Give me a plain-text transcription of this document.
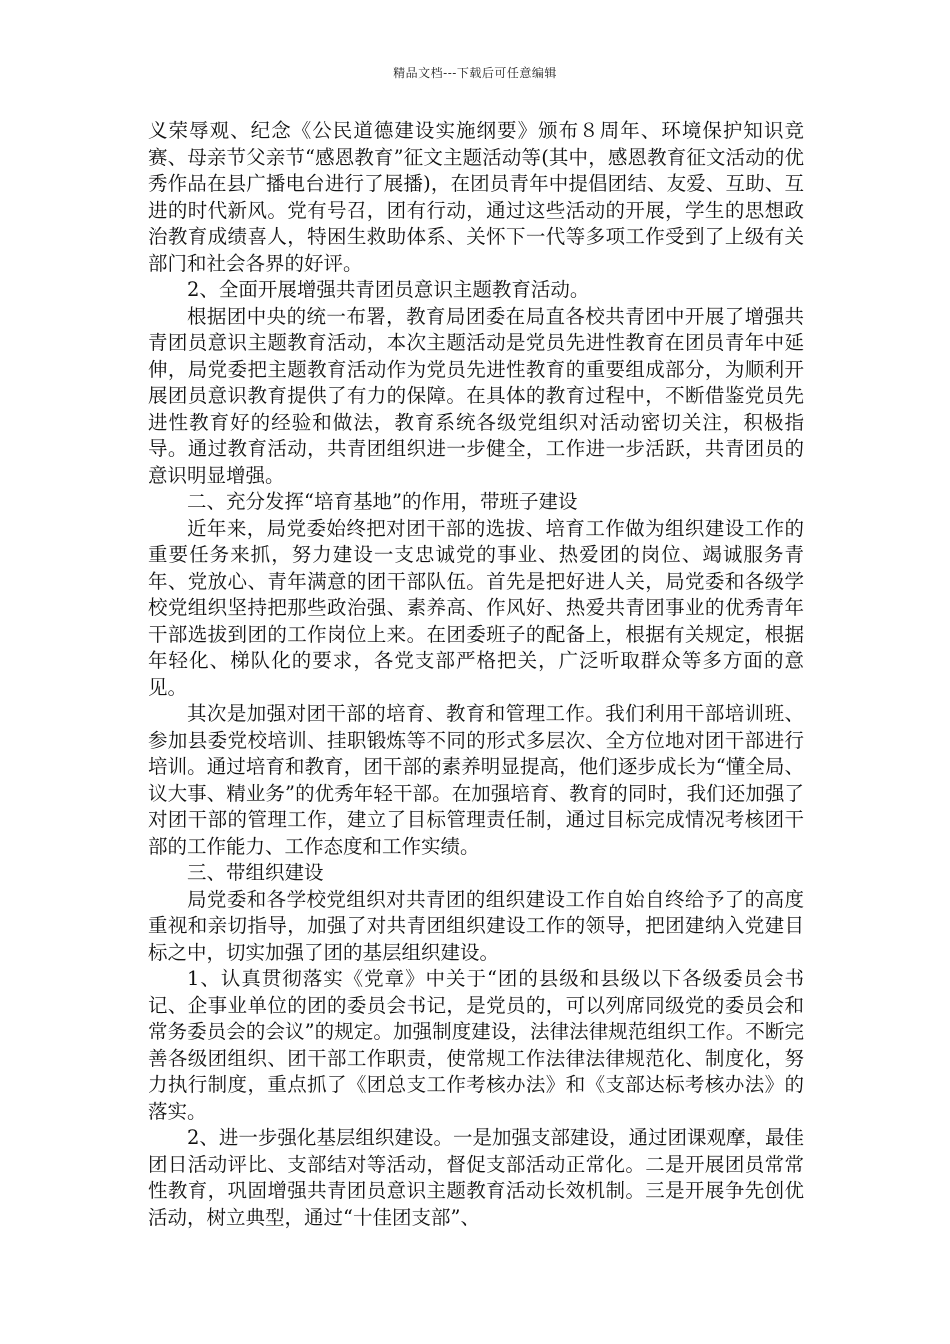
精品文档---下载后可任意编辑

义荣辱观、纪念《公民道德建设实施纲要》颁布８周年、环境保护知识竞赛、母亲节父亲节“感恩教育”征文主题活动等(其中，感恩教育征文活动的优秀作品在县广播电台进行了展播)，在团员青年中提倡团结、友爱、互助、互进的时代新风。党有号召，团有行动，通过这些活动的开展，学生的思想政治教育成绩喜人，特困生救助体系、关怀下一代等多项工作受到了上级有关部门和社会各界的好评。

2、全面开展增强共青团员意识主题教育活动。

根据团中央的统一布署，教育局团委在局直各校共青团中开展了增强共青团员意识主题教育活动，本次主题活动是党员先进性教育在团员青年中延伸，局党委把主题教育活动作为党员先进性教育的重要组成部分，为顺利开展团员意识教育提供了有力的保障。在具体的教育过程中，不断借鉴党员先进性教育好的经验和做法，教育系统各级党组织对活动密切关注，积极指导。通过教育活动，共青团组织进一步健全，工作进一步活跃，共青团员的意识明显增强。

二、充分发挥“培育基地”的作用，带班子建设

近年来，局党委始终把对团干部的选拔、培育工作做为组织建设工作的重要任务来抓，努力建设一支忠诚党的事业、热爱团的岗位、竭诚服务青年、党放心、青年满意的团干部队伍。首先是把好进人关，局党委和各级学校党组织坚持把那些政治强、素养高、作风好、热爱共青团事业的优秀青年干部选拔到团的工作岗位上来。在团委班子的配备上，根据有关规定，根据年轻化、梯队化的要求，各党支部严格把关，广泛听取群众等多方面的意见。

其次是加强对团干部的培育、教育和管理工作。我们利用干部培训班、参加县委党校培训、挂职锻炼等不同的形式多层次、全方位地对团干部进行培训。通过培育和教育，团干部的素养明显提高，他们逐步成长为“懂全局、议大事、精业务”的优秀年轻干部。在加强培育、教育的同时，我们还加强了对团干部的管理工作，建立了目标管理责任制，通过目标完成情况考核团干部的工作能力、工作态度和工作实绩。

三、带组织建设

局党委和各学校党组织对共青团的组织建设工作自始自终给予了的高度重视和亲切指导，加强了对共青团组织建设工作的领导，把团建纳入党建目标之中，切实加强了团的基层组织建设。

1、认真贯彻落实《党章》中关于“团的县级和县级以下各级委员会书记、企事业单位的团的委员会书记，是党员的，可以列席同级党的委员会和常务委员会的会议”的规定。加强制度建设，法律法律规范组织工作。不断完善各级团组织、团干部工作职责，使常规工作法律法律规范化、制度化，努力执行制度，重点抓了《团总支工作考核办法》和《支部达标考核办法》的落实。

2、进一步强化基层组织建设。一是加强支部建设，通过团课观摩，最佳团日活动评比、支部结对等活动，督促支部活动正常化。二是开展团员常常性教育，巩固增强共青团员意识主题教育活动长效机制。三是开展争先创优活动，树立典型，通过“十佳团支部”、
